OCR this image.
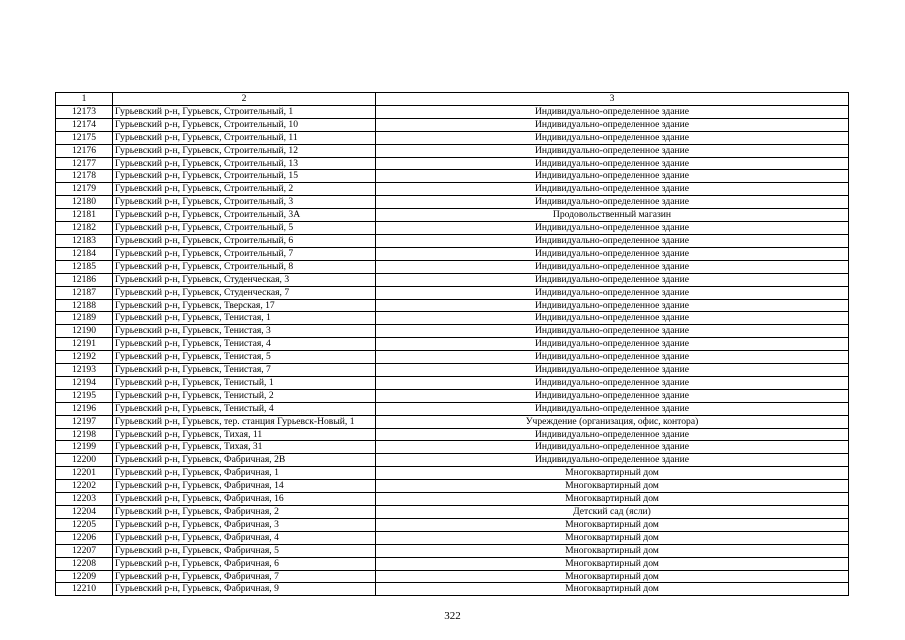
1	2	3
12173	Гурьевский р-н, Гурьевск, Строительный, 1	Индивидуально-определенное здание
12174	Гурьевский р-н, Гурьевск, Строительный, 10	Индивидуально-определенное здание
12175	Гурьевский р-н, Гурьевск, Строительный, 11	Индивидуально-определенное здание
12176	Гурьевский р-н, Гурьевск, Строительный, 12	Индивидуально-определенное здание
12177	Гурьевский р-н, Гурьевск, Строительный, 13	Индивидуально-определенное здание
12178	Гурьевский р-н, Гурьевск, Строительный, 15	Индивидуально-определенное здание
12179	Гурьевский р-н, Гурьевск, Строительный, 2	Индивидуально-определенное здание
12180	Гурьевский р-н, Гурьевск, Строительный, 3	Индивидуально-определенное здание
12181	Гурьевский р-н, Гурьевск, Строительный, 3А	Продовольственный магазин
12182	Гурьевский р-н, Гурьевск, Строительный, 5	Индивидуально-определенное здание
12183	Гурьевский р-н, Гурьевск, Строительный, 6	Индивидуально-определенное здание
12184	Гурьевский р-н, Гурьевск, Строительный, 7	Индивидуально-определенное здание
12185	Гурьевский р-н, Гурьевск, Строительный, 8	Индивидуально-определенное здание
12186	Гурьевский р-н, Гурьевск, Студенческая, 3	Индивидуально-определенное здание
12187	Гурьевский р-н, Гурьевск, Студенческая, 7	Индивидуально-определенное здание
12188	Гурьевский р-н, Гурьевск, Тверская, 17	Индивидуально-определенное здание
12189	Гурьевский р-н, Гурьевск, Тенистая, 1	Индивидуально-определенное здание
12190	Гурьевский р-н, Гурьевск, Тенистая, 3	Индивидуально-определенное здание
12191	Гурьевский р-н, Гурьевск, Тенистая, 4	Индивидуально-определенное здание
12192	Гурьевский р-н, Гурьевск, Тенистая, 5	Индивидуально-определенное здание
12193	Гурьевский р-н, Гурьевск, Тенистая, 7	Индивидуально-определенное здание
12194	Гурьевский р-н, Гурьевск, Тенистый, 1	Индивидуально-определенное здание
12195	Гурьевский р-н, Гурьевск, Тенистый, 2	Индивидуально-определенное здание
12196	Гурьевский р-н, Гурьевск, Тенистый, 4	Индивидуально-определенное здание
12197	Гурьевский р-н, Гурьевск, тер. станция Гурьевск-Новый, 1	Учреждение (организация, офис, контора)
12198	Гурьевский р-н, Гурьевск, Тихая, 11	Индивидуально-определенное здание
12199	Гурьевский р-н, Гурьевск, Тихая, 31	Индивидуально-определенное здание
12200	Гурьевский р-н, Гурьевск, Фабричная, 2В	Индивидуально-определенное здание
12201	Гурьевский р-н, Гурьевск, Фабричная, 1	Многоквартирный дом
12202	Гурьевский р-н, Гурьевск, Фабричная, 14	Многоквартирный дом
12203	Гурьевский р-н, Гурьевск, Фабричная, 16	Многоквартирный дом
12204	Гурьевский р-н, Гурьевск, Фабричная, 2	Детский сад (ясли)
12205	Гурьевский р-н, Гурьевск, Фабричная, 3	Многоквартирный дом
12206	Гурьевский р-н, Гурьевск, Фабричная, 4	Многоквартирный дом
12207	Гурьевский р-н, Гурьевск, Фабричная, 5	Многоквартирный дом
12208	Гурьевский р-н, Гурьевск, Фабричная, 6	Многоквартирный дом
12209	Гурьевский р-н, Гурьевск, Фабричная, 7	Многоквартирный дом
12210	Гурьевский р-н, Гурьевск, Фабричная, 9	Многоквартирный дом
322
